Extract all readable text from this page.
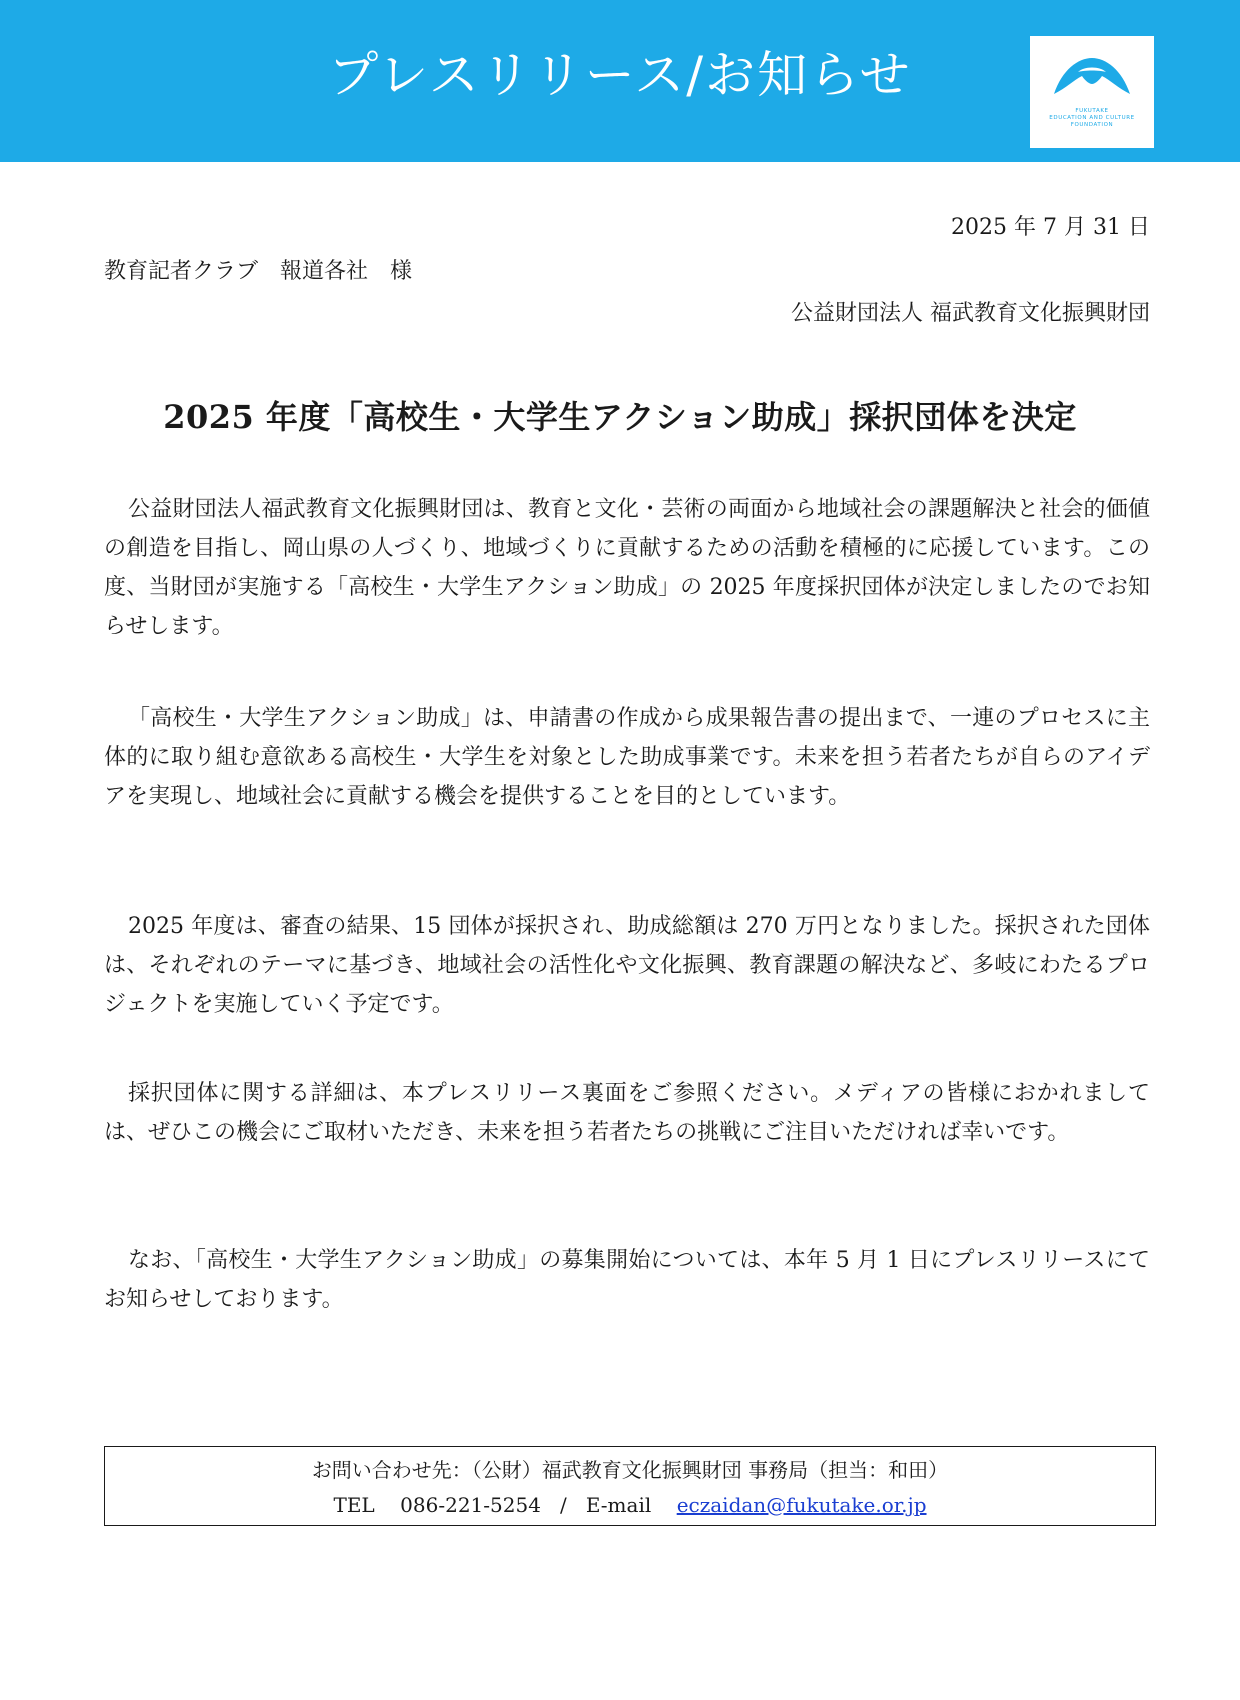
プレスリリース/お知らせ
FUKUTAKE
EDUCATION AND CULTURE
FOUNDATION
2025 年 7 月 31 日
教育記者クラブ　報道各社　様
公益財団法人 福武教育文化振興財団
2025 年度「高校生・大学生アクション助成」採択団体を決定

公益財団法人福武教育文化振興財団は、教育と文化・芸術の両面から地域社会の課題解決と社会的価値の創造を目指し、岡山県の人づくり、地域づくりに貢献するための活動を積極的に応援しています。この度、当財団が実施する「高校生・大学生アクション助成」の 2025 年度採択団体が決定しましたのでお知らせします。

「高校生・大学生アクション助成」は、申請書の作成から成果報告書の提出まで、一連のプロセスに主体的に取り組む意欲ある高校生・大学生を対象とした助成事業です。未来を担う若者たちが自らのアイデアを実現し、地域社会に貢献する機会を提供することを目的としています。

2025 年度は、審査の結果、15 団体が採択され、助成総額は 270 万円となりました。採択された団体は、それぞれのテーマに基づき、地域社会の活性化や文化振興、教育課題の解決など、多岐にわたるプロジェクトを実施していく予定です。

採択団体に関する詳細は、本プレスリリース裏面をご参照ください。メディアの皆様におかれましては、ぜひこの機会にご取材いただき、未来を担う若者たちの挑戦にご注目いただければ幸いです。

なお、「高校生・大学生アクション助成」の募集開始については、本年 5 月 1 日にプレスリリースにてお知らせしております。

お問い合わせ先：（公財）福武教育文化振興財団 事務局（担当：和田）
TEL 086-221-5254 / E-mail eczaidan@fukutake.or.jp
